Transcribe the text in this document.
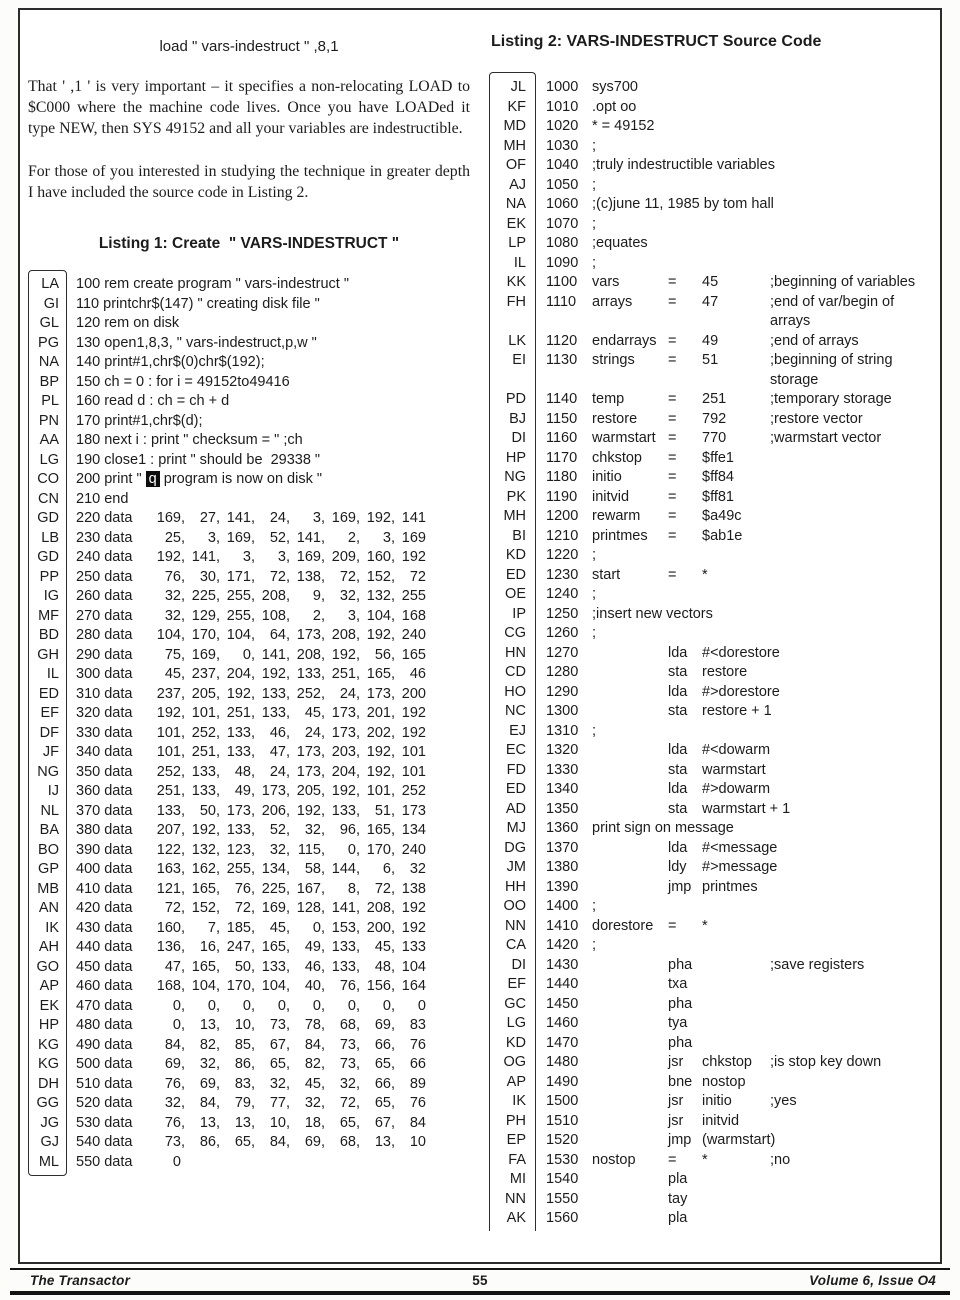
load " vars-indestruct " ,8,1

That ' ,1 ' is very important – it specifies a non-relocating LOAD to $C000 where the machine code lives. Once you have LOADed it type NEW, then SYS 49152 and all your variables are indestructible.

For those of you interested in studying the technique in greater depth I have included the source code in Listing 2.

Listing 1: Create  " VARS-INDESTRUCT "
LA	100 rem create program " vars-indestruct "
GI	110 printchr$(147) " creating disk file "
GL	120 rem on disk
PG	130 open1,8,3, " vars-indestruct,p,w "
NA	140 print#1,chr$(0)chr$(192);
BP	150 ch = 0 : for i = 49152to49416
PL	160 read d : ch = ch + d
PN	170 print#1,chr$(d);
AA	180 next i : print " checksum = " ;ch
LG	190 close1 : print " should be  29338 "
CO	200 print " q program is now on disk "
CN	210 end
GD	220 data 169, 27, 141, 24, 3, 169, 192, 141
LB	230 data 25, 3, 169, 52, 141, 2, 3, 169
GD	240 data 192, 141, 3, 3, 169, 209, 160, 192
PP	250 data 76, 30, 171, 72, 138, 72, 152, 72
IG	260 data 32, 225, 255, 208, 9, 32, 132, 255
MF	270 data 32, 129, 255, 108, 2, 3, 104, 168
BD	280 data 104, 170, 104, 64, 173, 208, 192, 240
GH	290 data 75, 169, 0, 141, 208, 192, 56, 165
IL	300 data 45, 237, 204, 192, 133, 251, 165, 46
ED	310 data 237, 205, 192, 133, 252, 24, 173, 200
EF	320 data 192, 101, 251, 133, 45, 173, 201, 192
DF	330 data 101, 252, 133, 46, 24, 173, 202, 192
JF	340 data 101, 251, 133, 47, 173, 203, 192, 101
NG	350 data 252, 133, 48, 24, 173, 204, 192, 101
IJ	360 data 251, 133, 49, 173, 205, 192, 101, 252
NL	370 data 133, 50, 173, 206, 192, 133, 51, 173
BA	380 data 207, 192, 133, 52, 32, 96, 165, 134
BO	390 data 122, 132, 123, 32, 115, 0, 170, 240
GP	400 data 163, 162, 255, 134, 58, 144, 6, 32
MB	410 data 121, 165, 76, 225, 167, 8, 72, 138
AN	420 data 72, 152, 72, 169, 128, 141, 208, 192
IK	430 data 160, 7, 185, 45, 0, 153, 200, 192
AH	440 data 136, 16, 247, 165, 49, 133, 45, 133
GO	450 data 47, 165, 50, 133, 46, 133, 48, 104
AP	460 data 168, 104, 170, 104, 40, 76, 156, 164
EK	470 data	0, 0, 0, 0, 0, 0, 0, 0
HP	480 data	0, 13, 10, 73, 78, 68, 69, 83
KG	490 data 84, 82, 85, 67, 84, 73, 66, 76
KG	500 data 69, 32, 86, 65, 82, 73, 65, 66
DH	510 data 76, 69, 83, 32, 45, 32, 66, 89
GG	520 data 32, 84, 79, 77, 32, 72, 65, 76
JG	530 data 76, 13, 13, 10, 18, 65, 67, 84
GJ	540 data 73, 86, 65, 84, 69, 68, 13, 10
ML	550 data	0
Listing 2: VARS-INDESTRUCT Source Code
JL	1000 sys700
KF	1010 .opt oo
MD	1020 * = 49152
MH	1030 ;
OF	1040 ;truly indestructible variables
AJ	1050 ;
NA	1060 ;(c)june 11, 1985 by tom hall
EK	1070 ;
LP	1080 ;equates
IL	1090 ;
KK	1100 vars	= 45	;beginning of variables
FH	1110 arrays = 47	;end of var/begin of
arrays
LK	1120 endarrays = 49	;end of arrays
EI	1130 strings = 51	;beginning of string
storage
PD	1140 temp	= 251	;temporary storage
BJ	1150 restore = 792	;restore vector
DI	1160 warmstart = 770	;warmstart vector
HP	1170 chkstop = $ffe1
NG	1180 initio	= $ff84
PK	1190 initvid	= $ff81
MH	1200 rewarm = $a49c
BI	1210 printmes = $ab1e
KD	1220 ;
ED	1230 start	= *
OE	1240 ;
IP	1250 ;insert new vectors
CG	1260 ;
HN	1270	lda #<dorestore
CD	1280	sta restore
HO	1290	lda #>dorestore
NC	1300	sta restore + 1
EJ	1310 ;
EC	1320	lda #<dowarm
FD	1330	sta warmstart
ED	1340	lda #>dowarm
AD	1350	sta warmstart + 1
MJ	1360 print sign on message
DG	1370	lda #<message
JM	1380	ldy #>message
HH	1390	jmp printmes
OO	1400 ;
NN	1410 dorestore = *
CA	1420 ;
DI	1430	pha	;save registers
EF	1440	txa
GC	1450	pha
LG	1460	tya
KD	1470	pha
OG	1480	jsr chkstop ;is stop key down
AP	1490	bne nostop
IK	1500	jsr initio	;yes
PH	1510	jsr initvid
EP	1520	jmp (warmstart)
FA	1530 nostop = *	;no
MI	1540	pla
NN	1550	tay
AK	1560	pla
The Transactor	55	Volume 6, Issue O4
